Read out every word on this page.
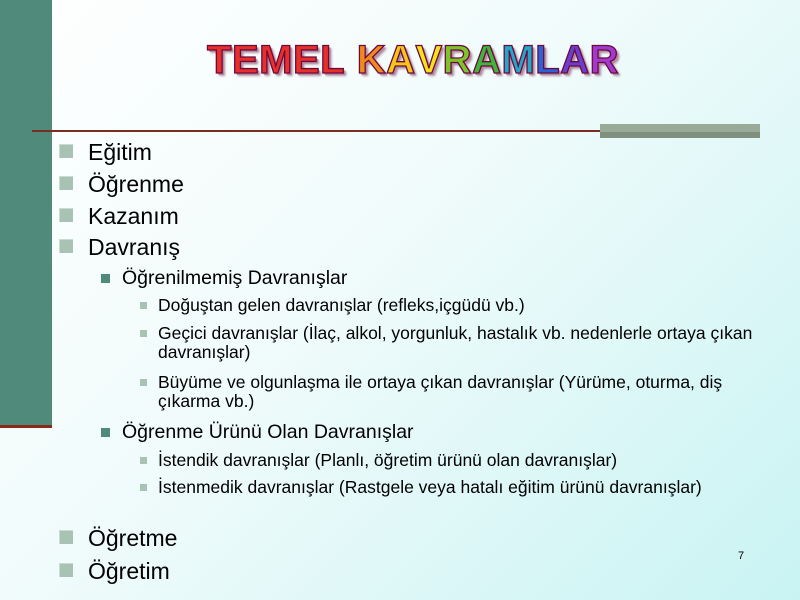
TEMEL KAVRAMLAR
Eğitim
Öğrenme
Kazanım
Davranış
Öğrenilmemiş Davranışlar
Doğuştan gelen davranışlar (refleks,içgüdü vb.)
Geçici davranışlar (İlaç, alkol, yorgunluk, hastalık vb. nedenlerle ortaya çıkan davranışlar)
Büyüme ve olgunlaşma ile ortaya çıkan davranışlar (Yürüme, oturma, diş çıkarma vb.)
Öğrenme Ürünü Olan Davranışlar
İstendik davranışlar (Planlı, öğretim ürünü olan davranışlar)
İstenmedik davranışlar (Rastgele veya hatalı eğitim ürünü davranışlar)
Öğretme
Öğretim
7
